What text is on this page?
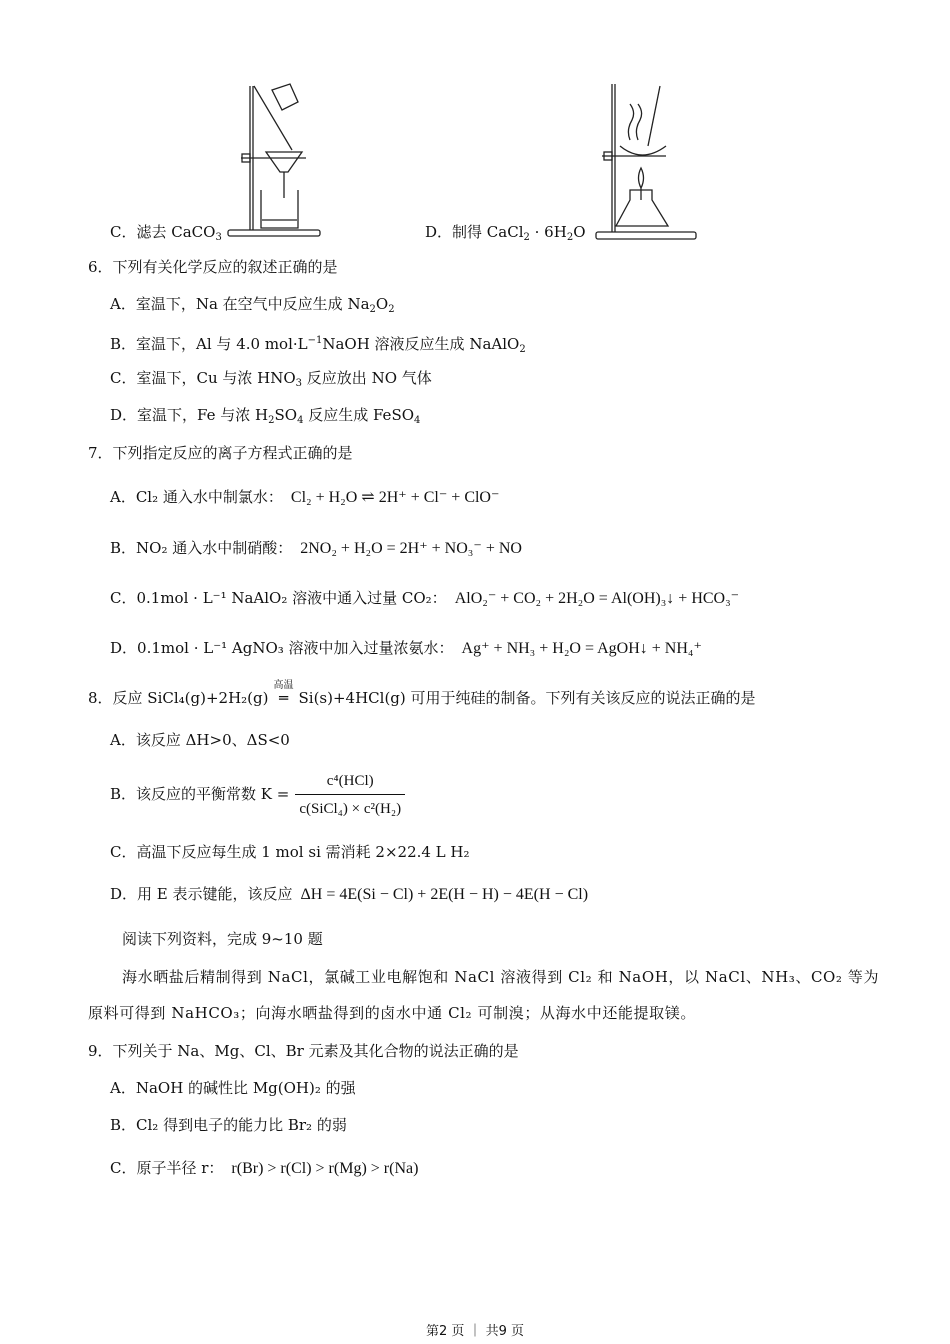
C．滤去 CaCO$_3$	D．制得 CaCl$_2$ · $6H_2O$
6．下列有关化学反应的叙述正确的是
A．室温下，Na 在空气中反应生成 $Na_2O_2$
B．室温下，Al 与 4.0 $mol\cdot L^{-1}NaOH$ 溶液反应生成 NaAlO$_2$
C．室温下，Cu 与浓 $HNO_3$ 反应放出 NO 气体
D．室温下，Fe 与浓 $H_2SO_4$ 反应生成 FeSO$_4$
7．下列指定反应的离子方程式正确的是
A．Cl₂ 通入水中制氯水： Cl₂ + H₂O ⇌ 2H⁺ + Cl⁻ + ClO⁻
B．NO₂ 通入水中制硝酸： 2NO₂ + H₂O = 2H⁺ + NO₃⁻ + NO
C．0.1mol · L⁻¹ NaAlO₂ 溶液中通入过量 CO₂： AlO₂⁻ + CO₂ + 2H₂O = Al(OH)₃↓ + HCO₃⁻
D．0.1mol · L⁻¹ AgNO₃ 溶液中加入过量浓氨水： Ag⁺ + NH₃ + H₂O = AgOH↓ + NH₄⁺
8．反应 SiCl₄(g)+2H₂(g)
高温
═ Si(s)+4HCl(g) 可用于纯硅的制备。下列有关该反应的说法正确的是
A．该反应 ΔH>0、ΔS<0
B．该反应的平衡常数 $K = \frac{\text{c⁴(HCl)}}{\text{c(SiCl₄) × c²(H₂)}}$
C．高温下反应每生成 1 mol si 需消耗 2×22.4 L H₂
D．用 E 表示键能，该反应 ΔH = 4E(Si − Cl) + 2E(H − H) − 4E(H − Cl)
阅读下列资料，完成 9~10 题
海水晒盐后精制得到 NaCl，氯碱工业电解饱和 NaCl 溶液得到 Cl₂ 和 NaOH，以 NaCl、NH₃、CO₂ 等为
原料可得到 NaHCO₃；向海水晒盐得到的卤水中通 Cl₂ 可制溴；从海水中还能提取镁。
9．下列关于 Na、Mg、Cl、Br 元素及其化合物的说法正确的是
A．NaOH 的碱性比 Mg(OH)₂ 的强
B．Cl₂ 得到电子的能力比 Br₂ 的弱
C．原子半径 r： r(Br) > r(Cl) > r(Mg) > r(Na)
第2 页 ｜ 共9 页
